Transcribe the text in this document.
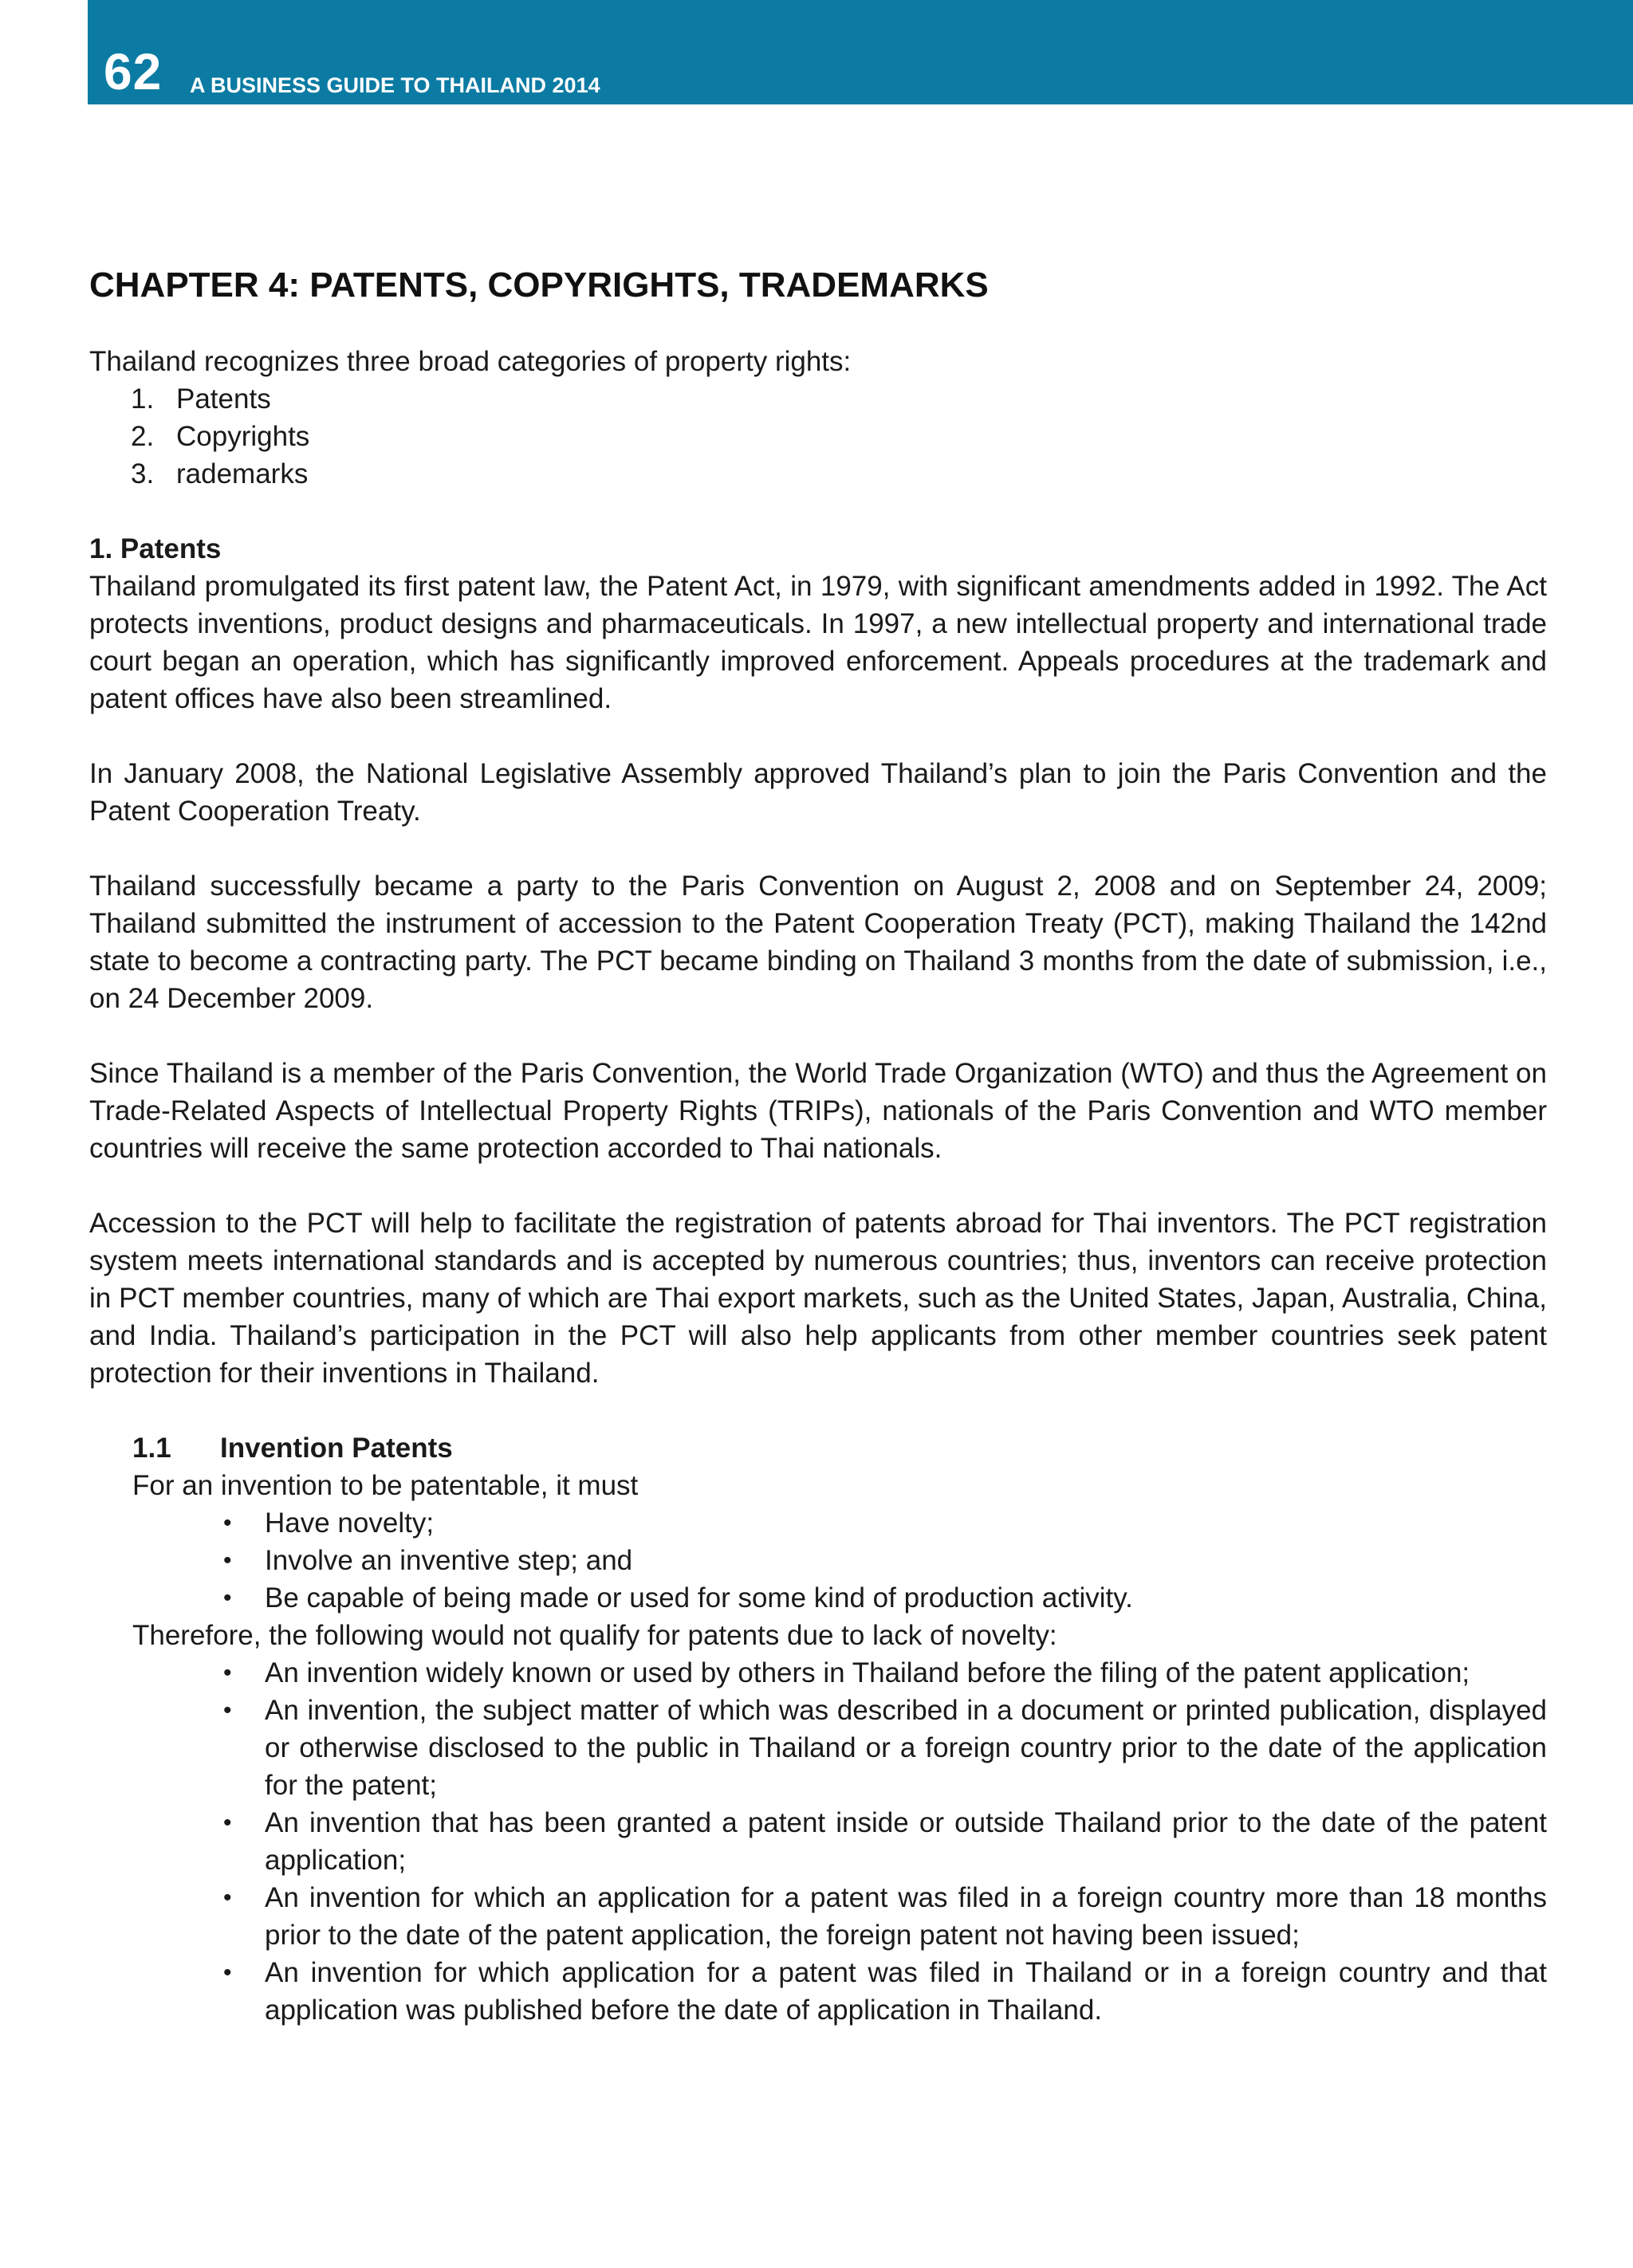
62 A BUSINESS GUIDE TO THAILAND 2014
CHAPTER 4: PATENTS, COPYRIGHTS, TRADEMARKS

Thailand recognizes three broad categories of property rights:

1. Patents
2. Copyrights
3. rademarks
1. Patents

Thailand promulgated its first patent law, the Patent Act, in 1979, with significant amendments added in 1992. The Act protects inventions, product designs and pharmaceuticals. In 1997, a new intellectual property and international trade court began an operation, which has significantly improved enforcement. Appeals procedures at the trademark and patent offices have also been streamlined.

In January 2008, the National Legislative Assembly approved Thailand’s plan to join the Paris Convention and the Patent Cooperation Treaty.

Thailand successfully became a party to the Paris Convention on August 2, 2008 and on September 24, 2009; Thailand submitted the instrument of accession to the Patent Cooperation Treaty (PCT), making Thailand the 142nd state to become a contracting party. The PCT became binding on Thailand 3 months from the date of submission, i.e., on 24 December 2009.

Since Thailand is a member of the Paris Convention, the World Trade Organization (WTO) and thus the Agreement on Trade-Related Aspects of Intellectual Property Rights (TRIPs), nationals of the Paris Convention and WTO member countries will receive the same protection accorded to Thai nationals.

Accession to the PCT will help to facilitate the registration of patents abroad for Thai inventors. The PCT registration system meets international standards and is accepted by numerous countries; thus, inventors can receive protection in PCT member countries, many of which are Thai export markets, such as the United States, Japan, Australia, China, and India. Thailand’s participation in the PCT will also help applicants from other member countries seek patent protection for their inventions in Thailand.

1.1 Invention Patents

For an invention to be patentable, it must

• Have novelty;
• Involve an inventive step; and
• Be capable of being made or used for some kind of production activity.

Therefore, the following would not qualify for patents due to lack of novelty:

• An invention widely known or used by others in Thailand before the filing of the patent application;
• An invention, the subject matter of which was described in a document or printed publication, displayed or otherwise disclosed to the public in Thailand or a foreign country prior to the date of the application for the patent;
• An invention that has been granted a patent inside or outside Thailand prior to the date of the patent application;
• An invention for which an application for a patent was filed in a foreign country more than 18 months prior to the date of the patent application, the foreign patent not having been issued;
• An invention for which application for a patent was filed in Thailand or in a foreign country and that application was published before the date of application in Thailand.
